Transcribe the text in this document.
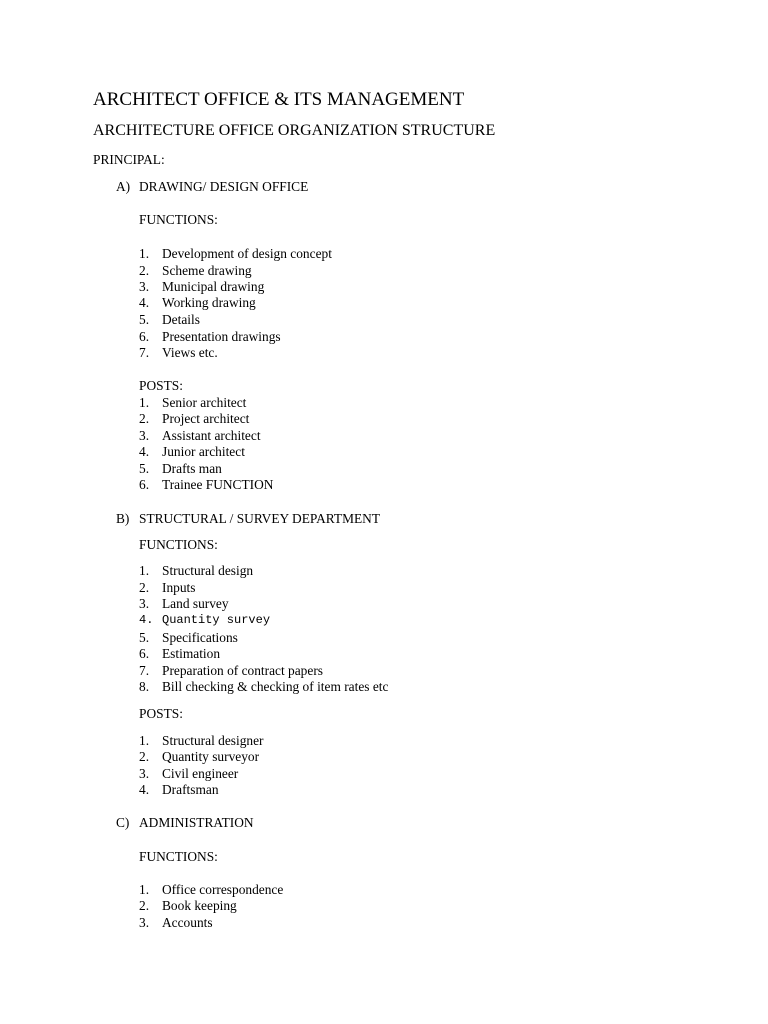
ARCHITECT OFFICE & ITS MANAGEMENT
ARCHITECTURE OFFICE ORGANIZATION STRUCTURE
PRINCIPAL:
A) DRAWING/ DESIGN OFFICE
FUNCTIONS:
1. Development of design concept
2. Scheme drawing
3. Municipal drawing
4. Working drawing
5. Details
6. Presentation drawings
7. Views etc.
POSTS:
1. Senior architect
2. Project architect
3. Assistant architect
4. Junior architect
5. Drafts man
6. Trainee FUNCTION
B) STRUCTURAL / SURVEY DEPARTMENT
FUNCTIONS:
1. Structural design
2. Inputs
3. Land survey
4. Quantity survey
5. Specifications
6. Estimation
7. Preparation of contract papers
8. Bill checking & checking of item rates etc
POSTS:
1. Structural designer
2. Quantity surveyor
3. Civil engineer
4. Draftsman
C) ADMINISTRATION
FUNCTIONS:
1. Office correspondence
2. Book keeping
3. Accounts
